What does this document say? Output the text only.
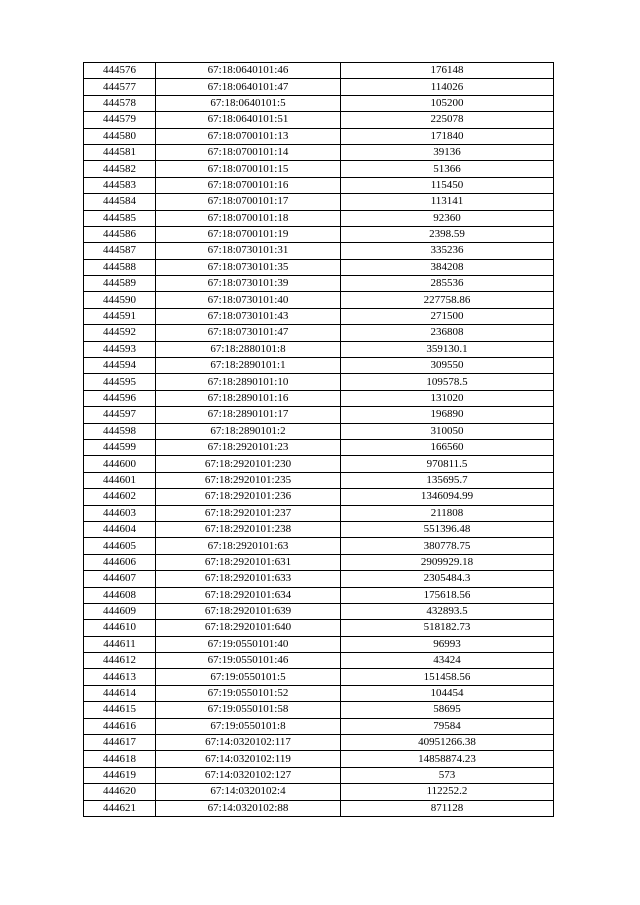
444576	67:18:0640101:46	176148
444577	67:18:0640101:47	114026
444578	67:18:0640101:5	105200
444579	67:18:0640101:51	225078
444580	67:18:0700101:13	171840
444581	67:18:0700101:14	39136
444582	67:18:0700101:15	51366
444583	67:18:0700101:16	115450
444584	67:18:0700101:17	113141
444585	67:18:0700101:18	92360
444586	67:18:0700101:19	2398.59
444587	67:18:0730101:31	335236
444588	67:18:0730101:35	384208
444589	67:18:0730101:39	285536
444590	67:18:0730101:40	227758.86
444591	67:18:0730101:43	271500
444592	67:18:0730101:47	236808
444593	67:18:2880101:8	359130.1
444594	67:18:2890101:1	309550
444595	67:18:2890101:10	109578.5
444596	67:18:2890101:16	131020
444597	67:18:2890101:17	196890
444598	67:18:2890101:2	310050
444599	67:18:2920101:23	166560
444600	67:18:2920101:230	970811.5
444601	67:18:2920101:235	135695.7
444602	67:18:2920101:236	1346094.99
444603	67:18:2920101:237	211808
444604	67:18:2920101:238	551396.48
444605	67:18:2920101:63	380778.75
444606	67:18:2920101:631	2909929.18
444607	67:18:2920101:633	2305484.3
444608	67:18:2920101:634	175618.56
444609	67:18:2920101:639	432893.5
444610	67:18:2920101:640	518182.73
444611	67:19:0550101:40	96993
444612	67:19:0550101:46	43424
444613	67:19:0550101:5	151458.56
444614	67:19:0550101:52	104454
444615	67:19:0550101:58	58695
444616	67:19:0550101:8	79584
444617	67:14:0320102:117	40951266.38
444618	67:14:0320102:119	14858874.23
444619	67:14:0320102:127	573
444620	67:14:0320102:4	112252.2
444621	67:14:0320102:88	871128
